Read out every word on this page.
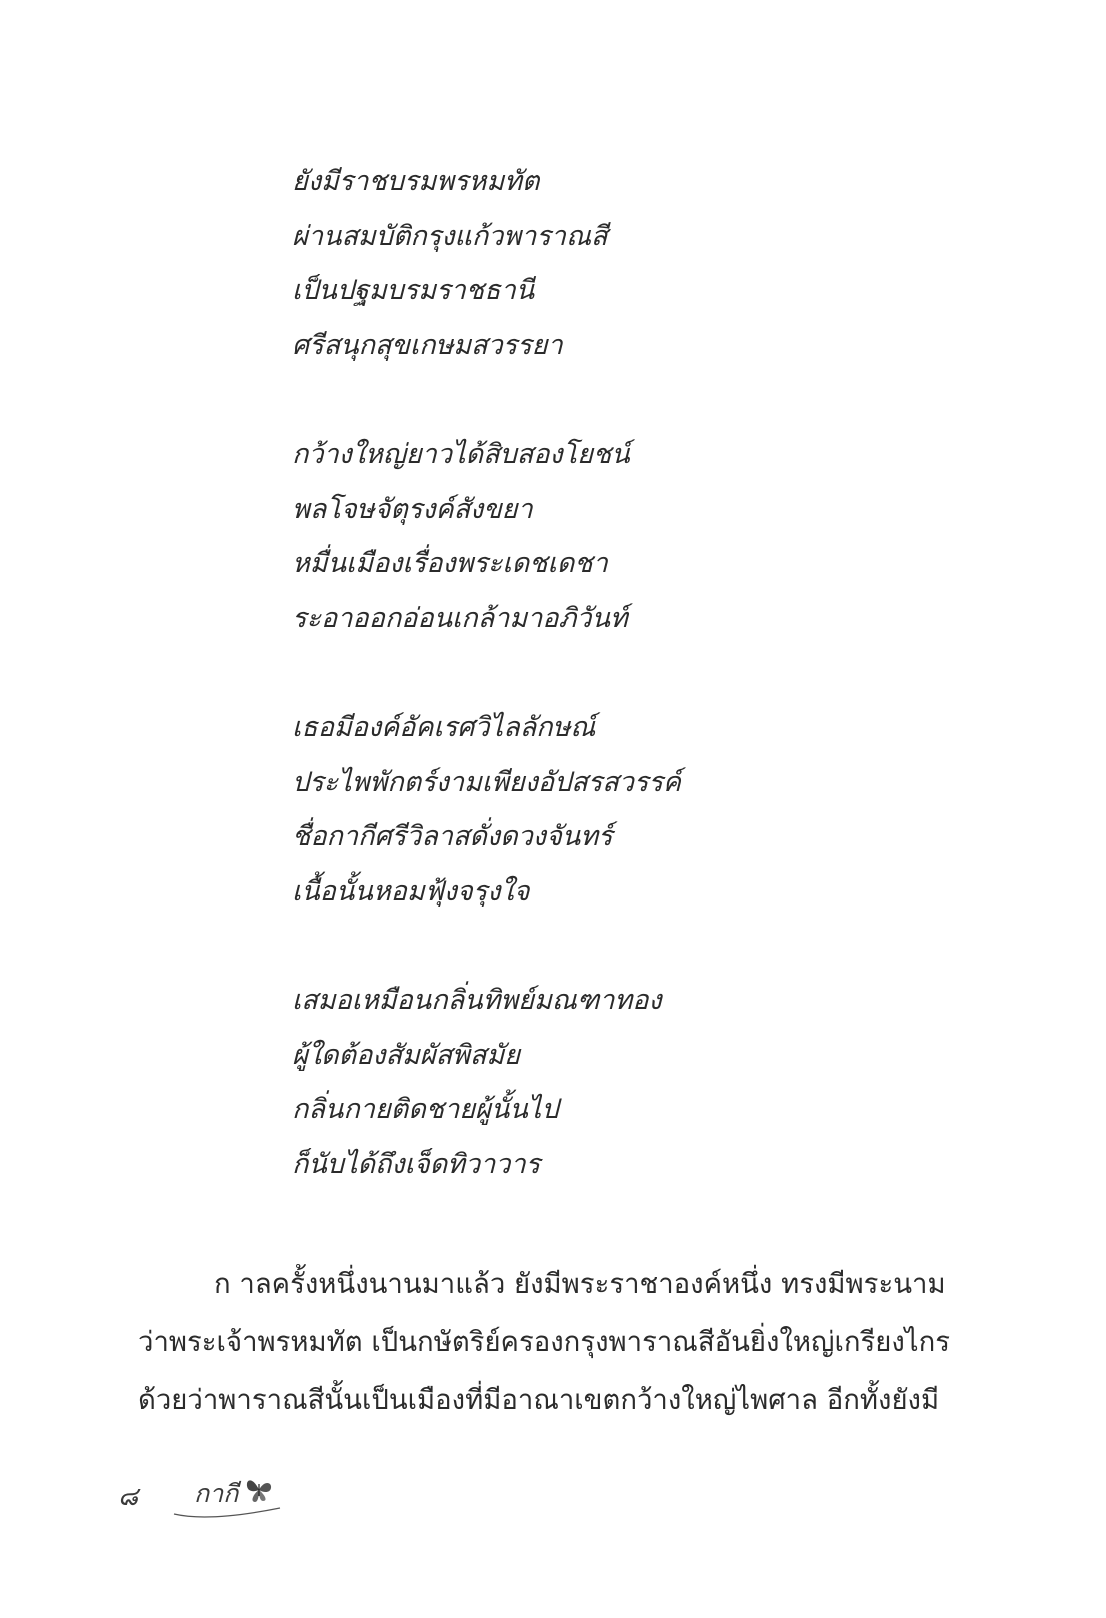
ยังมีราชบรมพรหมทัต
ผ่านสมบัติกรุงแก้วพาราณสี
เป็นปฐมบรมราชธานี
ศรีสนุกสุขเกษมสวรรยา
กว้างใหญ่ยาวได้สิบสองโยชน์
พลโจษจัตุรงค์สังขยา
หมื่นเมืองเรื่องพระเดชเดชา
ระอาออกอ่อนเกล้ามาอภิวันท์
เธอมีองค์อัคเรศวิไลลักษณ์
ประไพพักตร์งามเพียงอัปสรสวรรค์
ชื่อกากีศรีวิลาสดั่งดวงจันทร์
เนื้อนั้นหอมฟุ้งจรุงใจ
เสมอเหมือนกลิ่นทิพย์มณฑาทอง
ผู้ใดต้องสัมผัสพิสมัย
กลิ่นกายติดชายผู้นั้นไป
ก็นับได้ถึงเจ็ดทิวาวาร
ก าลครั้งหนึ่งนานมาแล้ว ยังมีพระราชาองค์หนึ่ง ทรงมีพระนาม
ว่าพระเจ้าพรหมทัต เป็นกษัตริย์ครองกรุงพาราณสีอันยิ่งใหญ่เกรียงไกร
ด้วยว่าพาราณสีนั้นเป็นเมืองที่มีอาณาเขตกว้างใหญ่ไพศาล อีกทั้งยังมี
๘ กากี
